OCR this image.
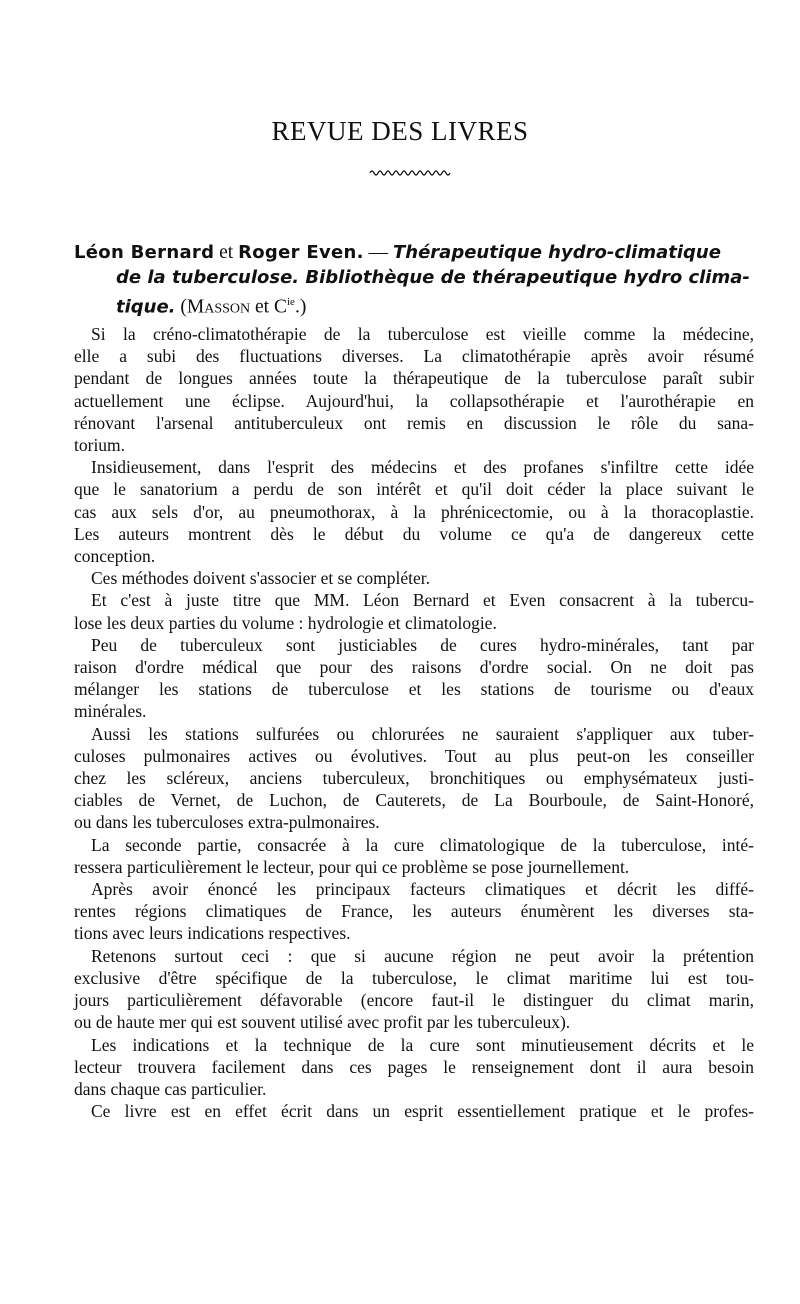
REVUE DES LIVRES
Léon Bernard et Roger Even. — Thérapeutique hydro-climatique
de la tuberculose. Bibliothèque de thérapeutique hydro clima-
tique. (Masson et $C^{ie}$.)
Si la créno-climatothérapie de la tuberculose est vieille comme la médecine,
elle a subi des fluctuations diverses. La climatothérapie après avoir résumé
pendant de longues années toute la thérapeutique de la tuberculose paraît subir
actuellement une éclipse. Aujourd'hui, la collapsothérapie et l'aurothérapie en
rénovant l'arsenal antituberculeux ont remis en discussion le rôle du sana-
torium.
Insidieusement, dans l'esprit des médecins et des profanes s'infiltre cette idée
que le sanatorium a perdu de son intérêt et qu'il doit céder la place suivant le
cas aux sels d'or, au pneumothorax, à la phrénicectomie, ou à la thoracoplastie.
Les auteurs montrent dès le début du volume ce qu'a de dangereux cette
conception.
Ces méthodes doivent s'associer et se compléter.
Et c'est à juste titre que MM. Léon Bernard et Even consacrent à la tubercu-
lose les deux parties du volume : hydrologie et climatologie.
Peu de tuberculeux sont justiciables de cures hydro-minérales, tant par
raison d'ordre médical que pour des raisons d'ordre social. On ne doit pas
mélanger les stations de tuberculose et les stations de tourisme ou d'eaux
minérales.
Aussi les stations sulfurées ou chlorurées ne sauraient s'appliquer aux tuber-
culoses pulmonaires actives ou évolutives. Tout au plus peut-on les conseiller
chez les scléreux, anciens tuberculeux, bronchitiques ou emphysémateux justi-
ciables de Vernet, de Luchon, de Cauterets, de La Bourboule, de Saint-Honoré,
ou dans les tuberculoses extra-pulmonaires.
La seconde partie, consacrée à la cure climatologique de la tuberculose, inté-
ressera particulièrement le lecteur, pour qui ce problème se pose journellement.
Après avoir énoncé les principaux facteurs climatiques et décrit les diffé-
rentes régions climatiques de France, les auteurs énumèrent les diverses sta-
tions avec leurs indications respectives.
Retenons surtout ceci : que si aucune région ne peut avoir la prétention
exclusive d'être spécifique de la tuberculose, le climat maritime lui est tou-
jours particulièrement défavorable (encore faut-il le distinguer du climat marin,
ou de haute mer qui est souvent utilisé avec profit par les tuberculeux).
Les indications et la technique de la cure sont minutieusement décrits et le
lecteur trouvera facilement dans ces pages le renseignement dont il aura besoin
dans chaque cas particulier.
Ce livre est en effet écrit dans un esprit essentiellement pratique et le profes-
